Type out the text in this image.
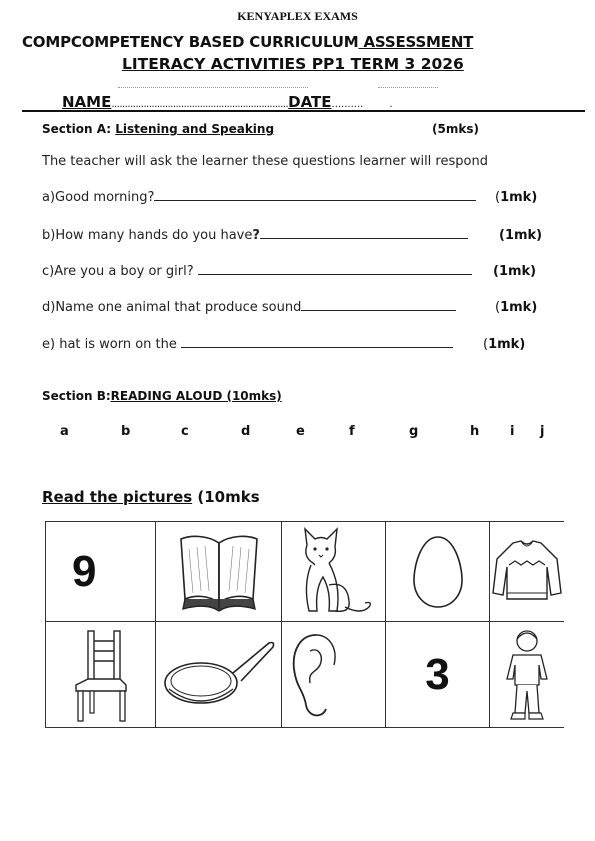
KENYAPLEX EXAMS
COMPCOMPETENCY BASED CURRICULUM ASSESSMENT
LITERACY ACTIVITIES PP1 TERM 3 2026
NAME..................................................................DATE..........	.
Section A: Listening and Speaking	(5mks)
The teacher will ask the learner these questions learner will respond
a)Good morning?	(1mk)
b)How many hands do you have?	(1mk)
c)Are you a boy or girl?	(1mk)
d)Name one animal that produce sound	(1mk)
e) hat is worn on the	(1mk)
Section B:READING ALOUD (10mks)
a	b	c	d	e	f	g	h i j
Read the pictures (10mks
9
3
